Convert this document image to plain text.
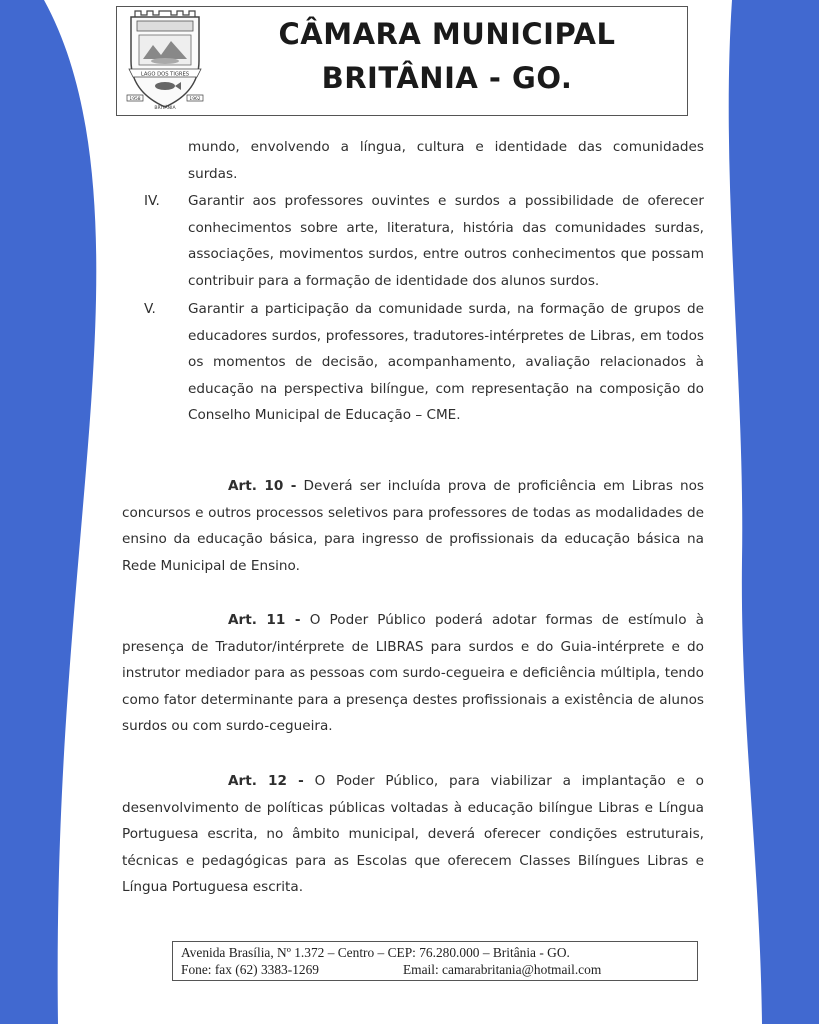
LAGO DOS TIGRES
1958	1962
BRITÂNIA
CÂMARA MUNICIPAL
BRITÂNIA - GO.

mundo, envolvendo a língua, cultura e identidade das comunidades

surdas.

IV. Garantir aos professores ouvintes e surdos a possibilidade de oferecer conhecimentos sobre arte, literatura, história das comunidades surdas, associações, movimentos surdos, entre outros conhecimentos que possam contribuir para a formação de identidade dos alunos surdos.

V. Garantir a participação da comunidade surda, na formação de grupos de educadores surdos, professores, tradutores-intérpretes de Libras, em todos os momentos de decisão, acompanhamento, avaliação relacionados à educação na perspectiva bilíngue, com representação na composição do Conselho Municipal de Educação – CME.

Art. 10 - Deverá ser incluída prova de proficiência em Libras nos concursos e outros processos seletivos para professores de todas as modalidades de ensino da educação básica, para ingresso de profissionais da educação básica na Rede Municipal de Ensino.

Art. 11 - O Poder Público poderá adotar formas de estímulo à presença de Tradutor/intérprete de LIBRAS para surdos e do Guia-intérprete e do instrutor mediador para as pessoas com surdo-cegueira e deficiência múltipla, tendo como fator determinante para a presença destes profissionais a existência de alunos surdos ou com surdo-cegueira.

Art. 12 - O Poder Público, para viabilizar a implantação e o desenvolvimento de políticas públicas voltadas à educação bilíngue Libras e Língua Portuguesa escrita, no âmbito municipal, deverá oferecer condições estruturais, técnicas e pedagógicas para as Escolas que oferecem Classes Bilíngues Libras e Língua Portuguesa escrita.

Avenida Brasília, Nº 1.372 – Centro – CEP: 76.280.000 – Britânia - GO.
Fone: fax (62) 3383-1269	Email: camarabritania@hotmail.com
